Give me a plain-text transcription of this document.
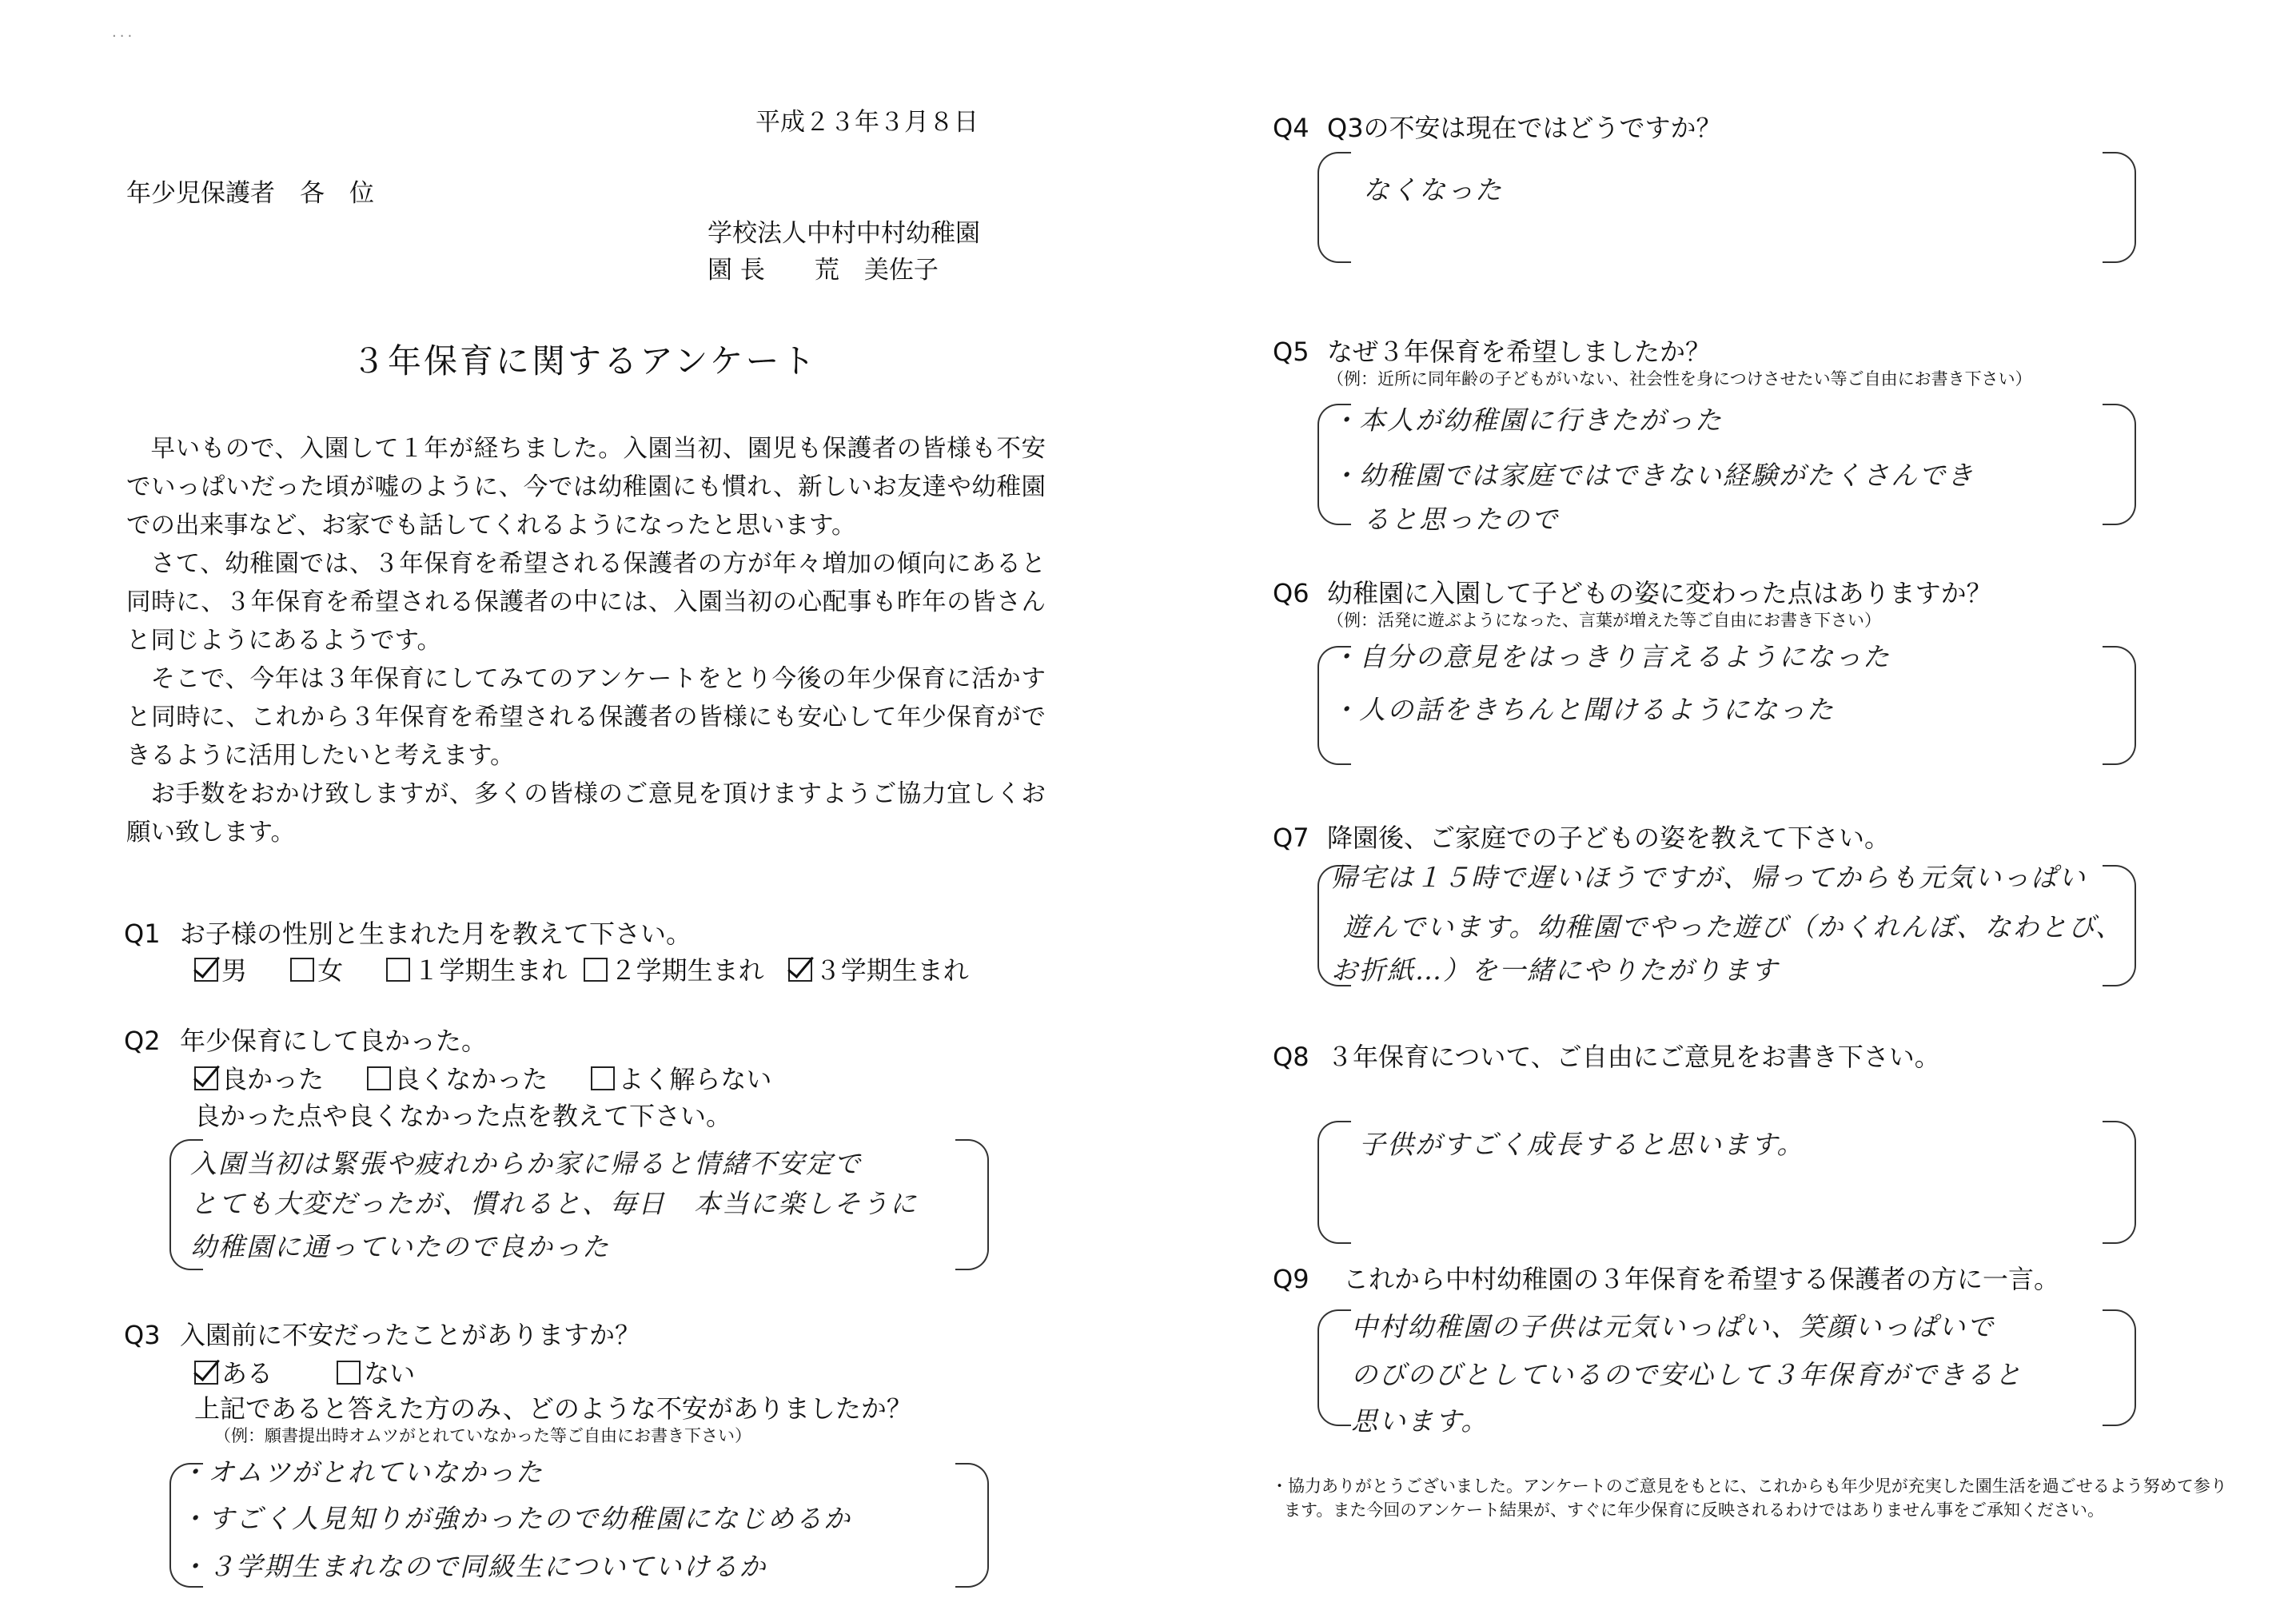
...
平成２３年３月８日
年少児保護者　各　位
学校法人中村中村幼稚園
園 長　　荒　美佐子
３年保育に関するアンケート

早いもので、入園して１年が経ちました。入園当初、園児も保護者の皆様も不安でいっぱいだった頃が嘘のように、今では幼稚園にも慣れ、新しいお友達や幼稚園での出来事など、お家でも話してくれるようになったと思います。

さて、幼稚園では、３年保育を希望される保護者の方が年々増加の傾向にあると同時に、３年保育を希望される保護者の中には、入園当初の心配事も昨年の皆さんと同じようにあるようです。

そこで、今年は３年保育にしてみてのアンケートをとり今後の年少保育に活かすと同時に、これから３年保育を希望される保護者の皆様にも安心して年少保育ができるように活用したいと考えます。

お手数をおかけ致しますが、多くの皆様のご意見を頂けますようご協力宜しくお願い致します。

Q1 お子様の性別と生まれた月を教えて下さい。
男	女	１学期生まれ ２学期生まれ ３学期生まれ
Q2 年少保育にして良かった。
良かった	良くなかった	よく解らない
良かった点や良くなかった点を教えて下さい。
入園当初は緊張や疲れからか家に帰ると情緒不安定で
とても大変だったが、慣れると、毎日　本当に楽しそうに
幼稚園に通っていたので良かった
Q3 入園前に不安だったことがありますか？
ある	ない
上記であると答えた方のみ、どのような不安がありましたか？
（例：願書提出時オムツがとれていなかった等ご自由にお書き下さい）
・オムツがとれていなかった
・すごく人見知りが強かったので幼稚園になじめるか
・３学期生まれなので同級生についていけるか
Q4 Q3の不安は現在ではどうですか？
なくなった
Q5 なぜ３年保育を希望しましたか？
（例：近所に同年齢の子どもがいない、社会性を身につけさせたい等ご自由にお書き下さい）
・本人が幼稚園に行きたがった
・幼稚園では家庭ではできない経験がたくさんでき
ると思ったので
Q6 幼稚園に入園して子どもの姿に変わった点はありますか？
（例：活発に遊ぶようになった、言葉が増えた等ご自由にお書き下さい）
・自分の意見をはっきり言えるようになった
・人の話をきちんと聞けるようになった
Q7 降園後、ご家庭での子どもの姿を教えて下さい。
帰宅は１５時で遅いほうですが、帰ってからも元気いっぱい
遊んでいます。幼稚園でやった遊び（かくれんぼ、なわとび、
お折紙…）を一緒にやりたがります
Q8 ３年保育について、ご自由にご意見をお書き下さい。
子供がすごく成長すると思います。
Q9 これから中村幼稚園の３年保育を希望する保護者の方に一言。
中村幼稚園の子供は元気いっぱい、笑顔いっぱいで
のびのびとしているので安心して３年保育ができると
思います。
・協力ありがとうございました。アンケートのご意見をもとに、これからも年少児が充実した園生活を過ごせるよう努めて参り
ます。また今回のアンケート結果が、すぐに年少保育に反映されるわけではありません事をご承知ください。
